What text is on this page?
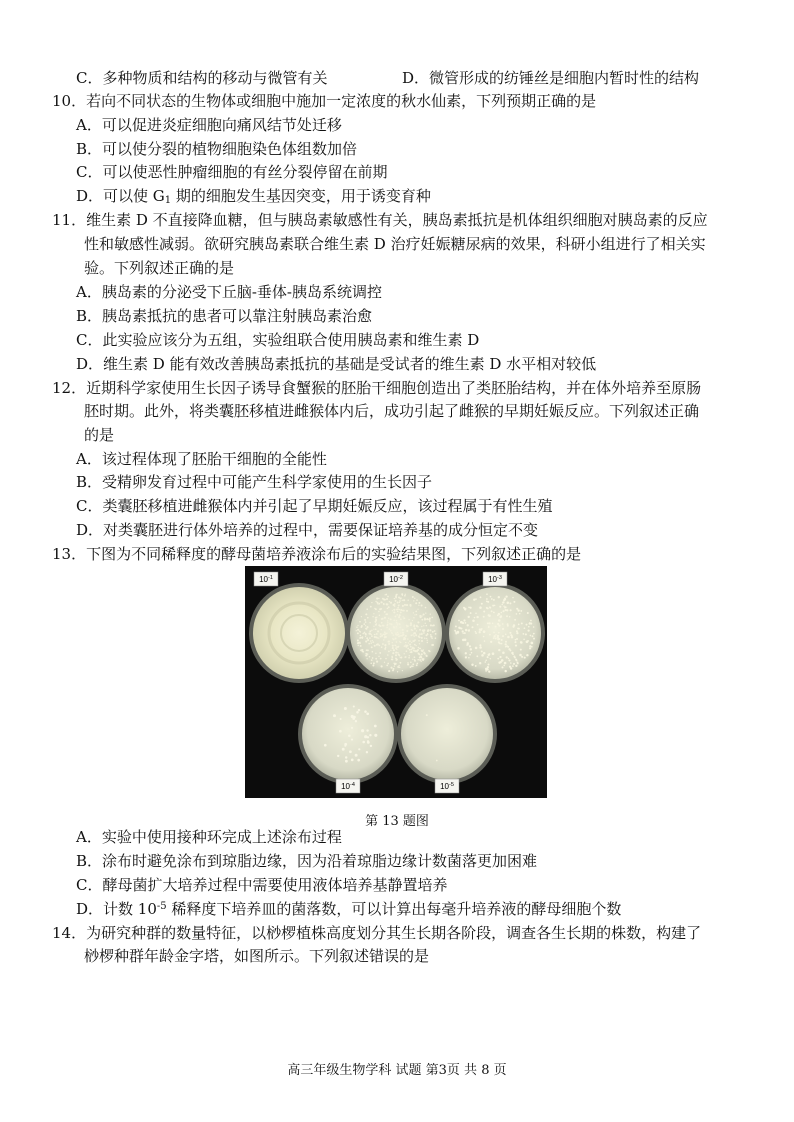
C．多种物质和结构的移动与微管有关	D．微管形成的纺锤丝是细胞内暂时性的结构
10．若向不同状态的生物体或细胞中施加一定浓度的秋水仙素，下列预期正确的是
A．可以促进炎症细胞向痛风结节处迁移
B．可以使分裂的植物细胞染色体组数加倍
C．可以使恶性肿瘤细胞的有丝分裂停留在前期
D．可以使 $G_1$ 期的细胞发生基因突变，用于诱变育种
11．维生素 D 不直接降血糖，但与胰岛素敏感性有关，胰岛素抵抗是机体组织细胞对胰岛素的反应
性和敏感性减弱。欲研究胰岛素联合维生素 D 治疗妊娠糖尿病的效果，科研小组进行了相关实
验。下列叙述正确的是
A．胰岛素的分泌受下丘脑-垂体-胰岛系统调控
B．胰岛素抵抗的患者可以靠注射胰岛素治愈
C．此实验应该分为五组，实验组联合使用胰岛素和维生素 D
D．维生素 D 能有效改善胰岛素抵抗的基础是受试者的维生素 D 水平相对较低
12．近期科学家使用生长因子诱导食蟹猴的胚胎干细胞创造出了类胚胎结构，并在体外培养至原肠
胚时期。此外，将类囊胚移植进雌猴体内后，成功引起了雌猴的早期妊娠反应。下列叙述正确
的是
A．该过程体现了胚胎干细胞的全能性
B．受精卵发育过程中可能产生科学家使用的生长因子
C．类囊胚移植进雌猴体内并引起了早期妊娠反应，该过程属于有性生殖
D．对类囊胚进行体外培养的过程中，需要保证培养基的成分恒定不变
13．下图为不同稀释度的酵母菌培养液涂布后的实验结果图，下列叙述正确的是
$10^{-1}$	$10^{-2}$	$10^{-3}$
$10^{-4}$	$10^{-5}$
第 13 题图
A．实验中使用接种环完成上述涂布过程
B．涂布时避免涂布到琼脂边缘，因为沿着琼脂边缘计数菌落更加困难
C．酵母菌扩大培养过程中需要使用液体培养基静置培养
D．计数 $10^{-5}$ 稀释度下培养皿的菌落数，可以计算出每毫升培养液的酵母细胞个数
14．为研究种群的数量特征，以桫椤植株高度划分其生长期各阶段，调查各生长期的株数，构建了
桫椤种群年龄金字塔，如图所示。下列叙述错误的是
高三年级生物学科 试题 第3页 共 8 页
